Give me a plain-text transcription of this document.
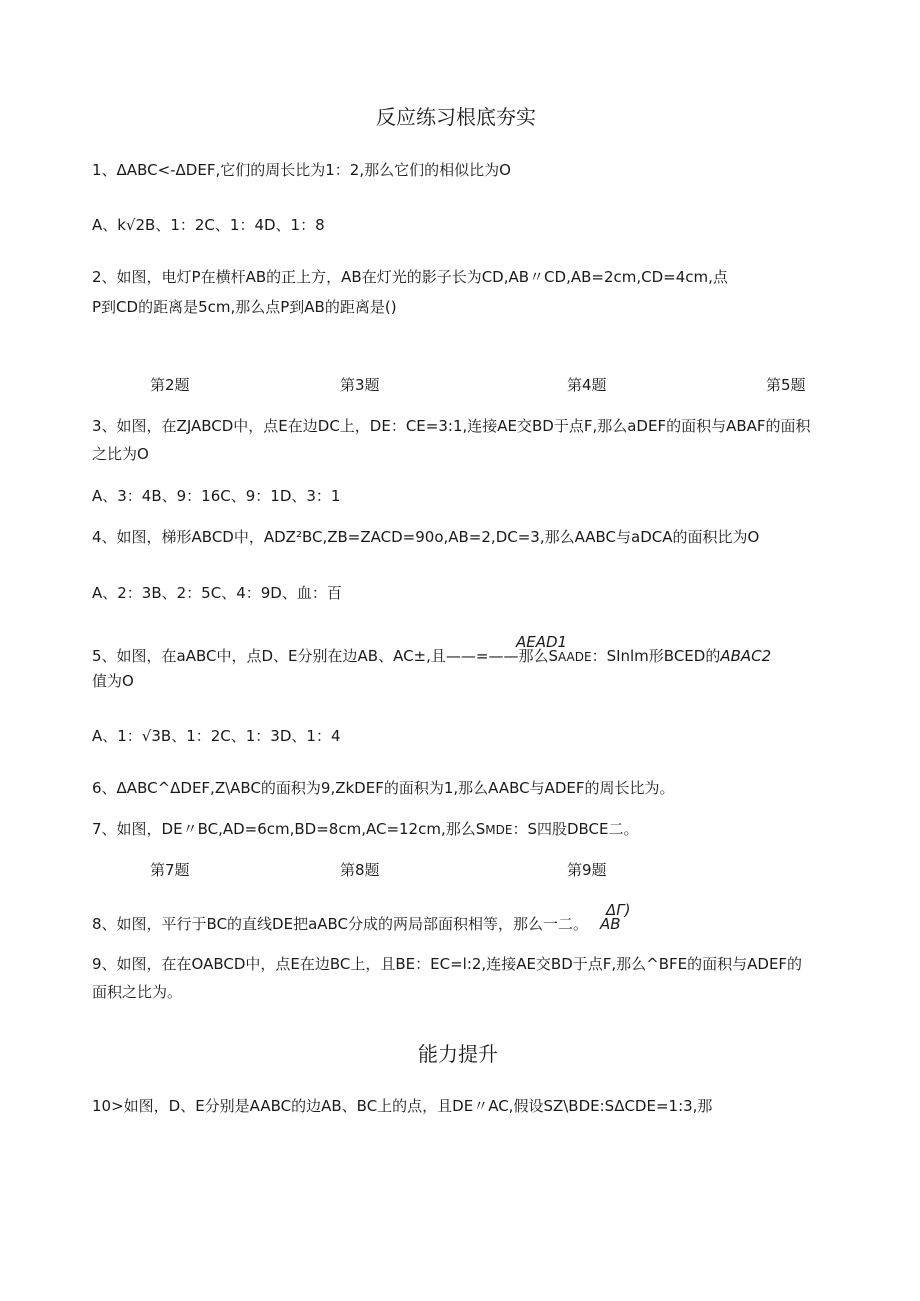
反应练习根底夯实
1、ΔABC<-ΔDEF,它们的周长比为1：2,那么它们的相似比为O
A、k√2B、1：2C、1：4D、1：8
2、如图，电灯P在横杆AB的正上方，AB在灯光的影子长为CD,AB〃CD,AB=2cm,CD=4cm,点
P到CD的距离是5cm,那么点P到AB的距离是()
第2题	第3题	第4题	第5题
3、如图，在ZJABCD中，点E在边DC上，DE：CE=3:1,连接AE交BD于点F,那么aDEF的面积与ABAF的面积
之比为O
A、3：4B、9：16C、9：1D、3：1
4、如图，梯形ABCD中，ADZ²BC,ZB=ZACD=90o,AB=2,DC=3,那么AABC与aDCA的面积比为O
A、2：3B、2：5C、4：9D、血：百
AEAD1
5、如图，在aABC中，点D、E分别在边AB、AC±,且——=——那么SAADE：SInlm形BCED的ABAC2
值为O
A、1：√3B、1：2C、1：3D、1：4
6、ΔABC^ΔDEF,Z\ABC的面积为9,ZkDEF的面积为1,那么AABC与ADEF的周长比为。
7、如图，DE〃BC,AD=6cm,BD=8cm,AC=12cm,那么SMDE：S四股DBCE二。
第7题	第8题	第9题
ΔΓ)
8、如图，平行于BC的直线DE把aABC分成的两局部面积相等，那么一二。 AB
9、如图，在在OABCD中，点E在边BC上，且BE：EC=l:2,连接AE交BD于点F,那么^BFE的面积与ADEF的
面积之比为。
能力提升
10>如图，D、E分别是AABC的边AB、BC上的点，且DE〃AC,假设SZ\BDE:SΔCDE=1:3,那
